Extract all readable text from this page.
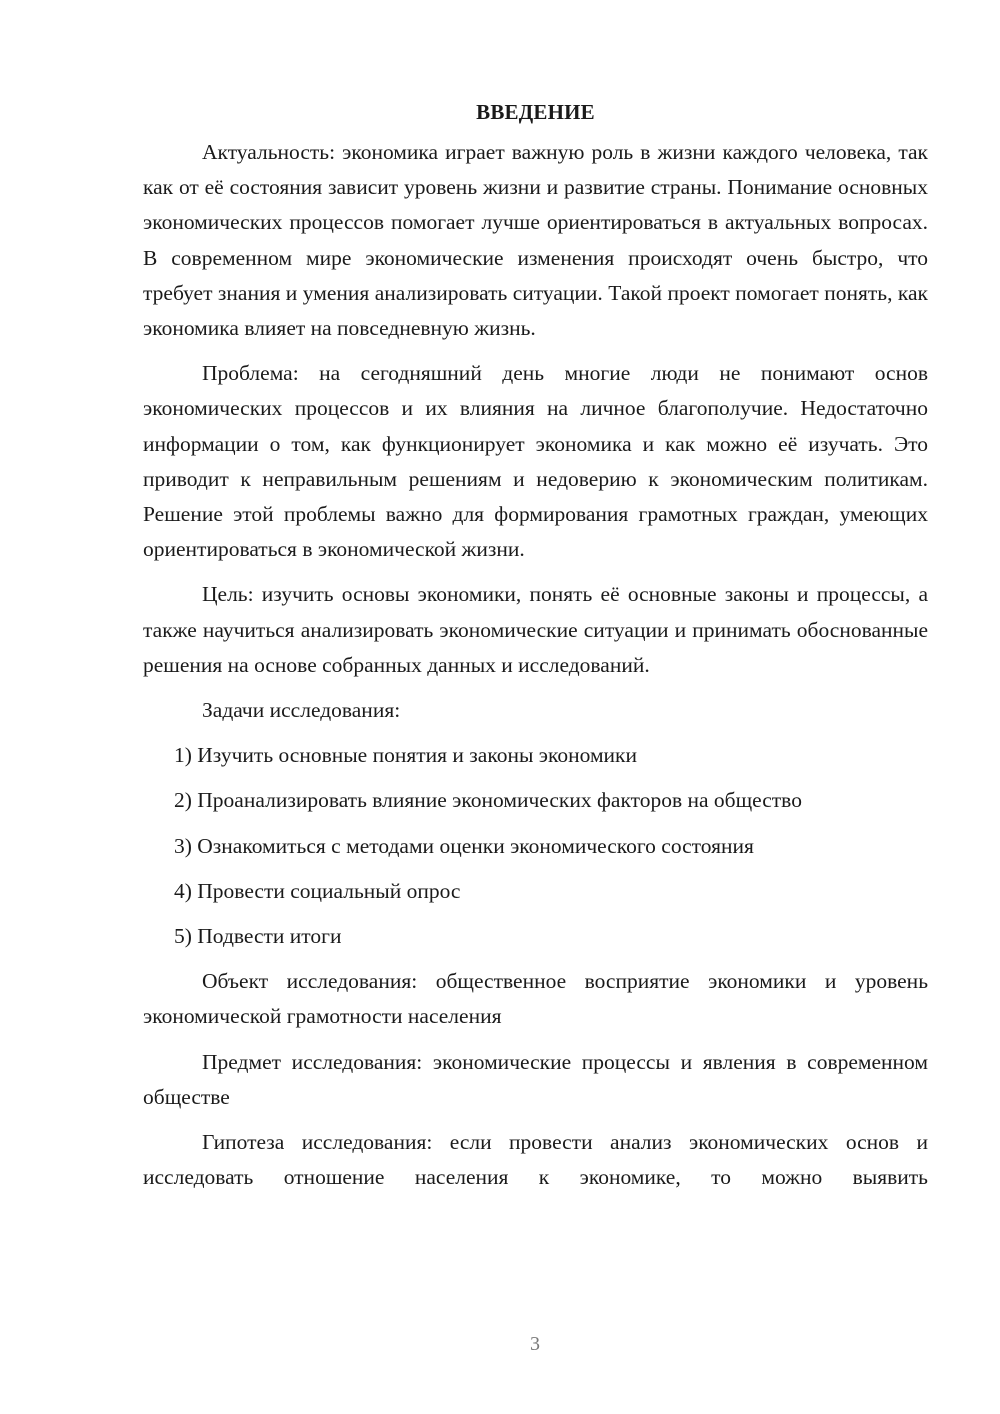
ВВЕДЕНИЕ

Актуальность: экономика играет важную роль в жизни каждого человека, так как от её состояния зависит уровень жизни и развитие страны. Понимание основных экономических процессов помогает лучше ориентироваться в актуальных вопросах. В современном мире экономические изменения происходят очень быстро, что требует знания и умения анализировать ситуации. Такой проект помогает понять, как экономика влияет на повседневную жизнь.

Проблема: на сегодняшний день многие люди не понимают основ экономических процессов и их влияния на личное благополучие. Недостаточно информации о том, как функционирует экономика и как можно её изучать. Это приводит к неправильным решениям и недоверию к экономическим политикам. Решение этой проблемы важно для формирования грамотных граждан, умеющих ориентироваться в экономической жизни.

Цель: изучить основы экономики, понять её основные законы и процессы, а также научиться анализировать экономические ситуации и принимать обоснованные решения на основе собранных данных и исследований.

Задачи исследования:

1) Изучить основные понятия и законы экономики
2) Проанализировать влияние экономических факторов на общество
3) Ознакомиться с методами оценки экономического состояния
4) Провести социальный опрос
5) Подвести итоги

Объект исследования: общественное восприятие экономики и уровень экономической грамотности населения

Предмет исследования: экономические процессы и явления в современном обществе

Гипотеза исследования: если провести анализ экономических основ и исследовать отношение населения к экономике, то можно выявить

3
